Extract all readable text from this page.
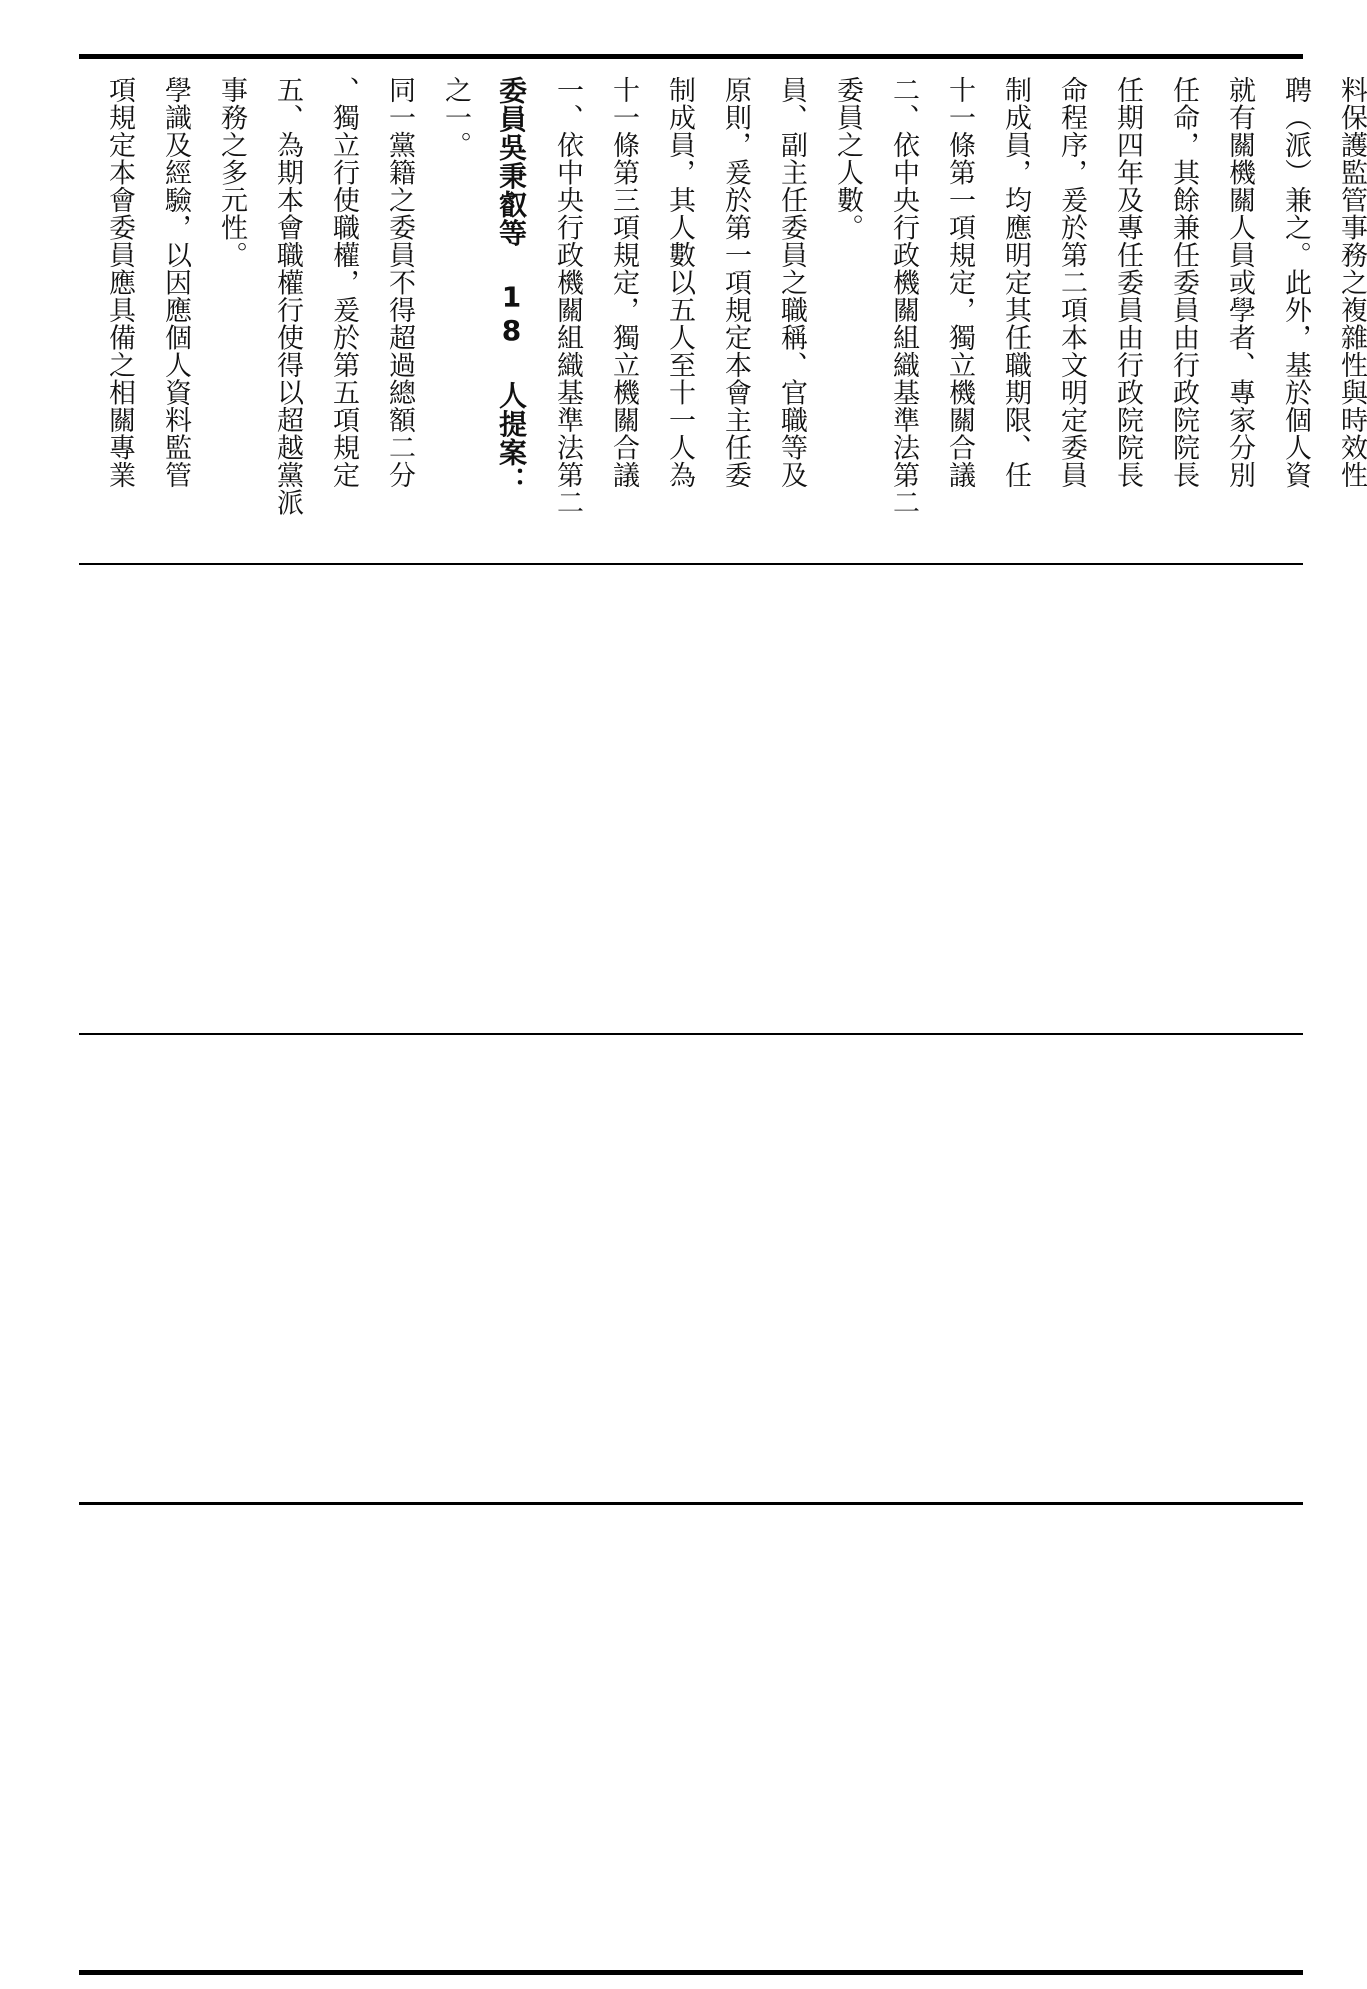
項規定本會委員應具備之相關專業 學識及經驗，以因應個人資料監管 事務之多元性。 五、為期本會職權行使得以超越黨派 、獨立行使職權，爰於第五項規定 同一黨籍之委員不得超過總額二分 之一。 委員吳秉叡等 18 人提案： 一、依中央行政機關組織基準法第二 十一條第三項規定，獨立機關合議 制成員，其人數以五人至十一人為 原則，爰於第一項規定本會主任委 員、副主任委員之職稱、官職等及 委員之人數。 二、依中央行政機關組織基準法第二 十一條第一項規定，獨立機關合議 制成員，均應明定其任職期限、任 命程序，爰於第二項本文明定委員 任期四年及專任委員由行政院院長 任命，其餘兼任委員由行政院院長 就有關機關人員或學者、專家分別 聘（派）兼之。此外，基於個人資 料保護監管事務之複雜性與時效性
